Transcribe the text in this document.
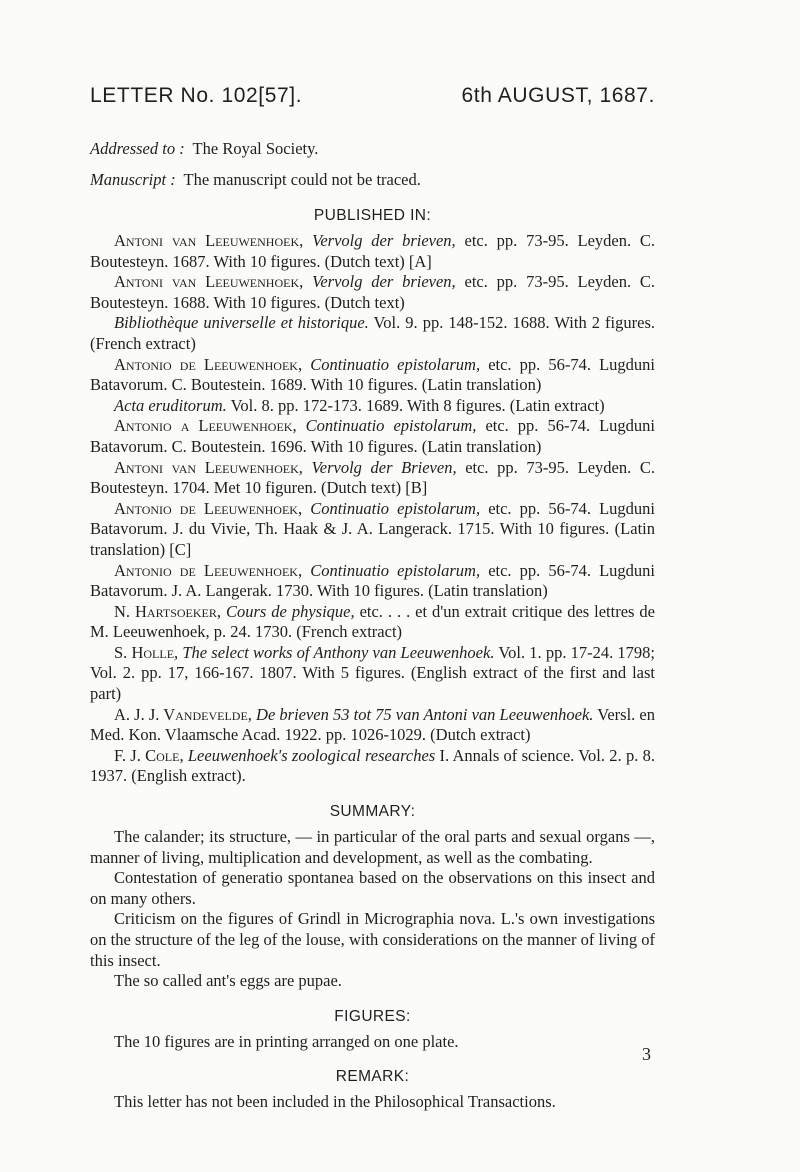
LETTER No. 102[57].	6th AUGUST, 1687.

Addressed to : The Royal Society.

Manuscript : The manuscript could not be traced.

PUBLISHED IN:

Antoni van Leeuwenhoek, Vervolg der brieven, etc. pp. 73-95. Leyden. C. Boutesteyn. 1687. With 10 figures. (Dutch text) [A]

Antoni van Leeuwenhoek, Vervolg der brieven, etc. pp. 73-95. Leyden. C. Boutesteyn. 1688. With 10 figures. (Dutch text)

Bibliothèque universelle et historique. Vol. 9. pp. 148-152. 1688. With 2 figures. (French extract)

Antonio de Leeuwenhoek, Continuatio epistolarum, etc. pp. 56-74. Lugduni Batavorum. C. Boutestein. 1689. With 10 figures. (Latin translation)

Acta eruditorum. Vol. 8. pp. 172-173. 1689. With 8 figures. (Latin extract)

Antonio a Leeuwenhoek, Continuatio epistolarum, etc. pp. 56-74. Lugduni Batavorum. C. Boutestein. 1696. With 10 figures. (Latin translation)

Antoni van Leeuwenhoek, Vervolg der Brieven, etc. pp. 73-95. Leyden. C. Boutesteyn. 1704. Met 10 figuren. (Dutch text) [B]

Antonio de Leeuwenhoek, Continuatio epistolarum, etc. pp. 56-74. Lugduni Batavorum. J. du Vivie, Th. Haak & J. A. Langerack. 1715. With 10 figures. (Latin translation) [C]

Antonio de Leeuwenhoek, Continuatio epistolarum, etc. pp. 56-74. Lugduni Batavorum. J. A. Langerak. 1730. With 10 figures. (Latin translation)

N. Hartsoeker, Cours de physique, etc. . . . et d'un extrait critique des lettres de M. Leeuwenhoek, p. 24. 1730. (French extract)

S. Holle, The select works of Anthony van Leeuwenhoek. Vol. 1. pp. 17-24. 1798; Vol. 2. pp. 17, 166-167. 1807. With 5 figures. (English extract of the first and last part)

A. J. J. Vandevelde, De brieven 53 tot 75 van Antoni van Leeuwenhoek. Versl. en Med. Kon. Vlaamsche Acad. 1922. pp. 1026-1029. (Dutch extract)

F. J. Cole, Leeuwenhoek's zoological researches I. Annals of science. Vol. 2. p. 8. 1937. (English extract).

SUMMARY:

The calander; its structure, — in particular of the oral parts and sexual organs —, manner of living, multiplication and development, as well as the combating.

Contestation of generatio spontanea based on the observations on this insect and on many others.

Criticism on the figures of Grindl in Micrographia nova. L.'s own investigations on the structure of the leg of the louse, with considerations on the manner of living of this insect.

The so called ant's eggs are pupae.

FIGURES:

The 10 figures are in printing arranged on one plate.

REMARK:

This letter has not been included in the Philosophical Transactions.

3
